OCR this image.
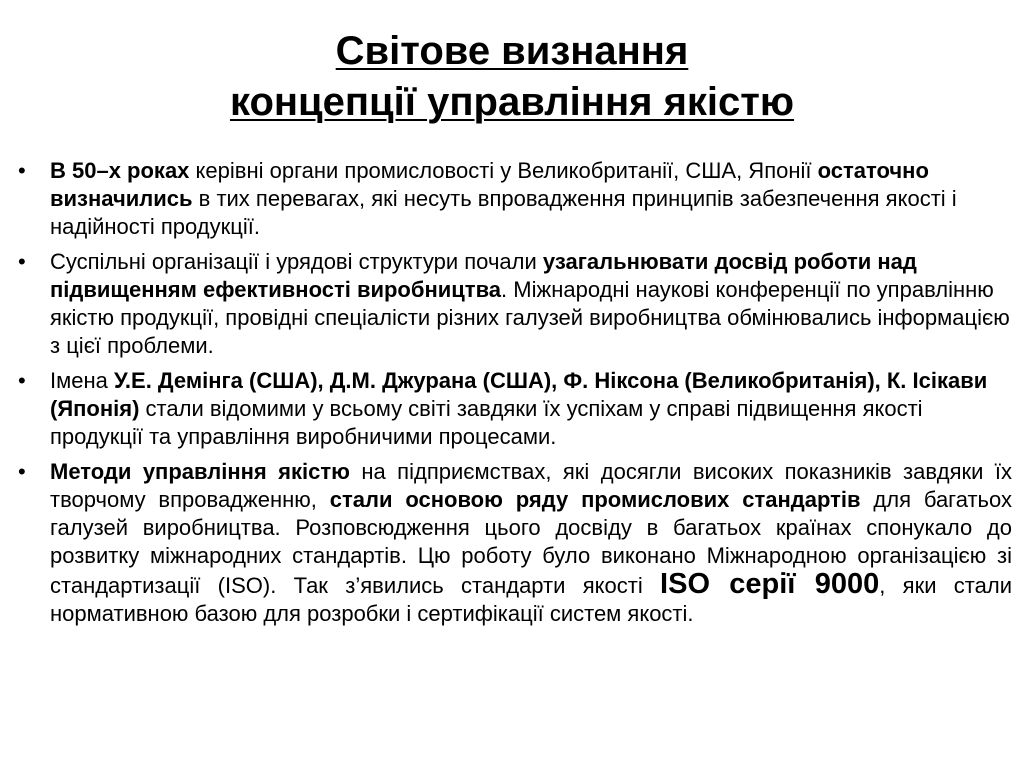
Світове визнання
концепції управління якістю
•	В 50–х роках керівні органи промисловості у Великобританії, США, Японії остаточно визначились в тих перевагах, які несуть впровадження принципів забезпечення якості і надійності продукції.
•	Суспільні організації і урядові структури почали узагальнювати досвід роботи над підвищенням ефективності виробництва. Міжнародні наукові конференції по управлінню якістю продукції, провідні спеціалісти різних галузей виробництва обмінювались інформацією з цієї проблеми.
•	Імена У.Е. Демінга (США), Д.М. Джурана (США), Ф. Ніксона (Великобританія), К. Ісікави (Японія) стали відомими у всьому світі завдяки їх успіхам у справі підвищення якості продукції та управління виробничими процесами.
•	Методи управління якістю на підприємствах, які досягли високих показників завдяки їх творчому впровадженню, стали основою ряду промислових стандартів для багатьох галузей виробництва. Розповсюдження цього досвіду в багатьох країнах спонукало до розвитку міжнародних стандартів. Цю роботу було виконано Міжнародною організацією зі стандартизації (ISO). Так з’явились стандарти якості ISO серії 9000, яки стали нормативною базою для розробки і сертифікації систем якості.
